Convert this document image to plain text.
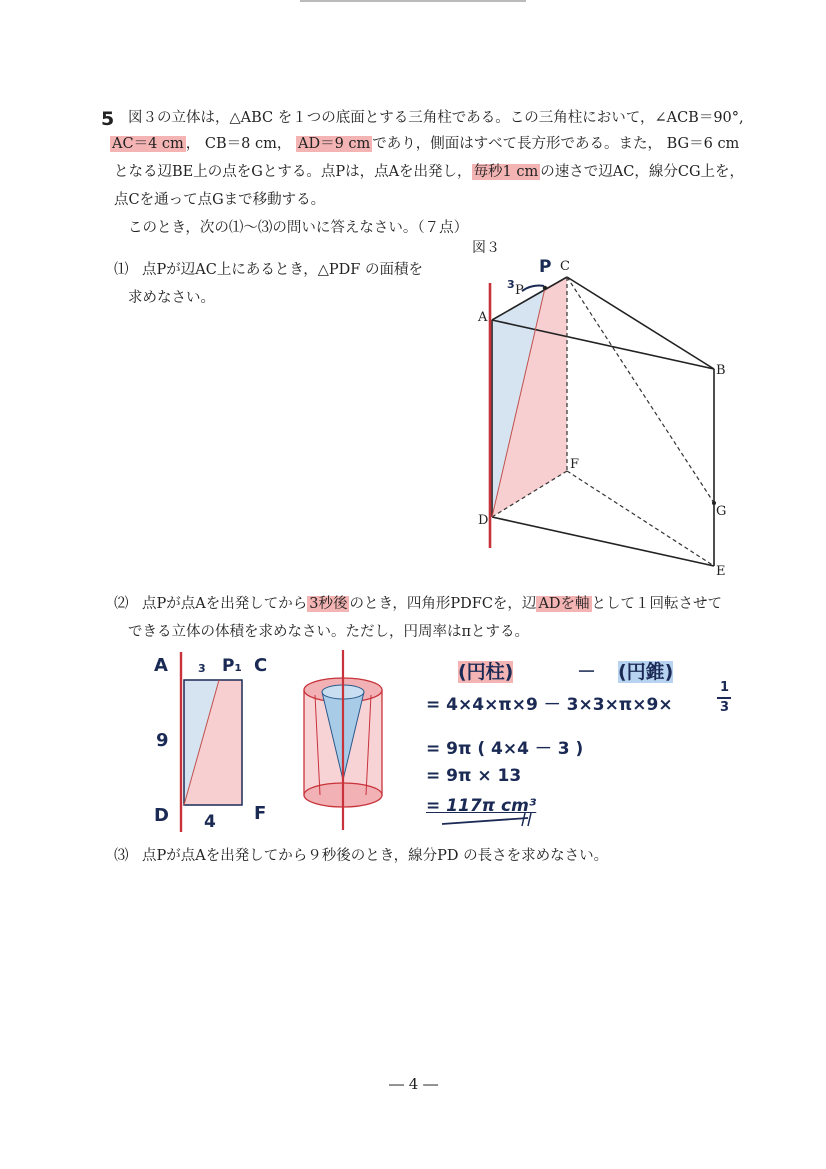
5 図３の立体は，△ABC を１つの底面とする三角柱である。この三角柱において，∠ACB＝90°,
AC＝4 cm ， CB＝8 cm， AD＝9 cm であり，側面はすべて長方形である。また， BG＝6 cm
となる辺BE上の点をGとする。点Pは，点Aを出発し， 毎秒1 cm の速さで辺AC，線分CG上を，
点Cを通って点Gまで移動する。
このとき，次の⑴～⑶の問いに答えなさい。（７点）
⑴ 点Pが辺AC上にあるとき，△PDF の面積を
求めなさい。
図３
P
3 P
C
A
B
F
D
G
E
⑵ 点Pが点Aを出発してから 3秒後 のとき，四角形PDFCを，辺 ADを軸 として１回転させて
できる立体の体積を求めなさい。ただし，円周率はπとする。
A	3 P₁ C
9
D 4 F
(円柱)	－ (円錐)
= 4×4×π×9 － 3×3×π×9×
1
3
= 9π ( 4×4 － 3 )
= 9π × 13
= 117π cm³
⑶ 点Pが点Aを出発してから９秒後のとき，線分PD の長さを求めなさい。
― 4 ―
